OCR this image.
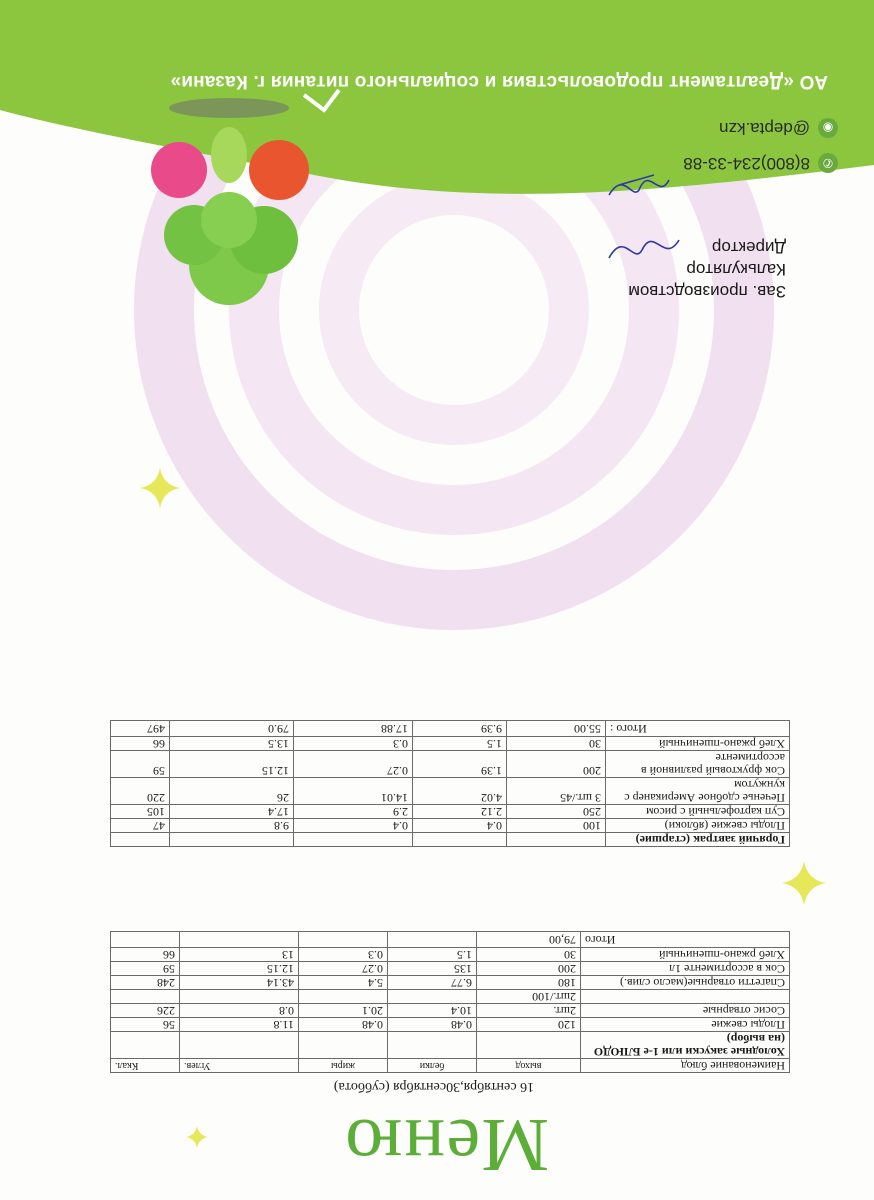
Меню
16 сентября,30сентября (суббота)
Наименование блюд	выход	белки	жиры	Углев.	Ккал.
Холодные закуски или 1-е БЛЮДО (на выбор)					
Плоды свежие	120	0.48	0.48	11.8	56
Сосис отварные	2шт.	10.4	20.1	0.8	226
	2шт./100				
Спагетти отварные(масло слив.)	180	6.77	5.4	43.14	248
Сок в ассортименте 1л	200	135	0.27	12.15	59
Хлеб ржано-пшеничный	30	1.5	0.3	13	66
Итого	79,00				
Горячий завтрак (старшие)					
Плоды свежие (яблоки)	100	0.4	0.4	9.8	47
Суп картофельный с рисом	250	2.12	2.9	17.4	105
Печенье сдобное Американер с кунжутом	3 шт./45	4.02	14.01	26	220
Сок фруктовый разливной в ассортименте	200	1.39	0.27	12.15	59
Хлеб ржано-пшеничный	30	1.5	0.3	13.5	66
Итого :	55.00	9.39	17.88	79.0	497
АО «Деалтамент продовольствия и социального питания г. Казани»
✆
8(800)234-33-88
◉
@depta.kzn
Зав. производством
Калькулятор
Директор
